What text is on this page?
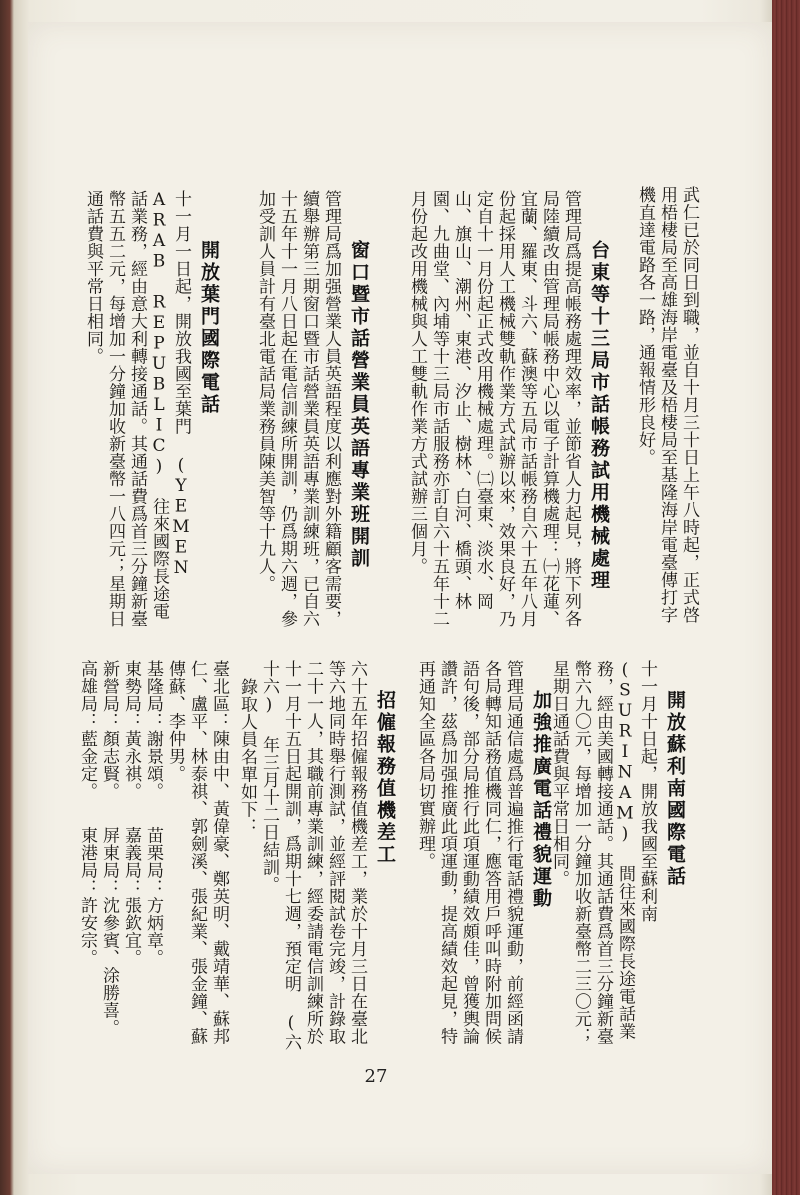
武仁已於同日到職，並自十月三十日上午八時起，正式啓用梧棲局至高雄海岸電臺及梧棲局至基隆海岸電臺傳打字機直達電路各一路，通報情形良好。

台東等十三局市話帳務試用機械處理

管理局爲提高帳務處理效率，並節省人力起見，將下列各局陸續改由管理局帳務中心以電子計算機處理：㈠花蓮、宜蘭、羅東、斗六、蘇澳等五局市話帳務自六十五年八月份起採用人工機械雙軌作業方式試辦以來，效果良好，乃定自十一月份起正式改用機械處理。㈡臺東、淡水、岡山、旗山、潮州、東港、汐止、樹林、白河、橋頭、林園、九曲堂、內埔等十三局市話服務亦訂自六十五年十二月份起改用機械與人工雙軌作業方式試辦三個月。

窗口暨市話營業員英語專業班開訓

管理局爲加强營業人員英語程度以利應對外籍顧客需要，續舉辦第三期窗口暨市話營業員英語專業訓練班，已自六十五年十一月八日起在電信訓練所開訓，仍爲期六週，參加受訓人員計有臺北電話局業務員陳美智等十九人。

開放葉門國際電話

十一月一日起，開放我國至葉門 (YEMEN ARAB REPUBLIC) 往來國際長途電話業務，經由意大利轉接通話。其通話費爲首三分鐘新臺幣五五二元，每增加一分鐘加收新臺幣一八四元；星期日通話費與平常日相同。

開放蘇利南國際電話

十一月十日起，開放我國至蘇利南 (SURINAM) 間往來國際長途電話業務，經由美國轉接通話。其通話費爲首三分鐘新臺幣六九〇元，每增加一分鐘加收新臺幣二三〇元；星期日通話費與平常日相同。

加強推廣電話禮貌運動

管理局通信處爲普遍推行電話禮貌運動，前經函請各局轉知話務值機同仁，應答用戶呼叫時附加問候語句後，部分局推行此項運動績效頗佳，曾獲輿論讚許，茲爲加强推廣此項運動，提高績效起見，特再通知全區各局切實辦理。

招僱報務值機差工

六十五年招僱報務值機差工，業於十月三日在臺北等六地同時舉行測試，並經評閱試卷完竣，計錄取二十一人，其職前專業訓練，經委請電信訓練所於十一月十五日起開訓，爲期十七週，預定明 (六十六) 年三月十二日結訓。

錄取人員名單如下：

臺北區：陳由中、黃偉豪、鄭英明、戴靖華、蘇邦仁、盧平、林泰祺、郭劍溪、張紀業、張金鐘、蘇傳蘇、李仲男。

基隆局：謝景頌。　　苗栗局：方炳章。

東勢局：黃永祺。　　嘉義局：張欽宜。

新營局：顏志賢。　　屏東局：沈參賓、涂勝喜。

高雄局：藍金定。　　東港局：許安宗。

27
